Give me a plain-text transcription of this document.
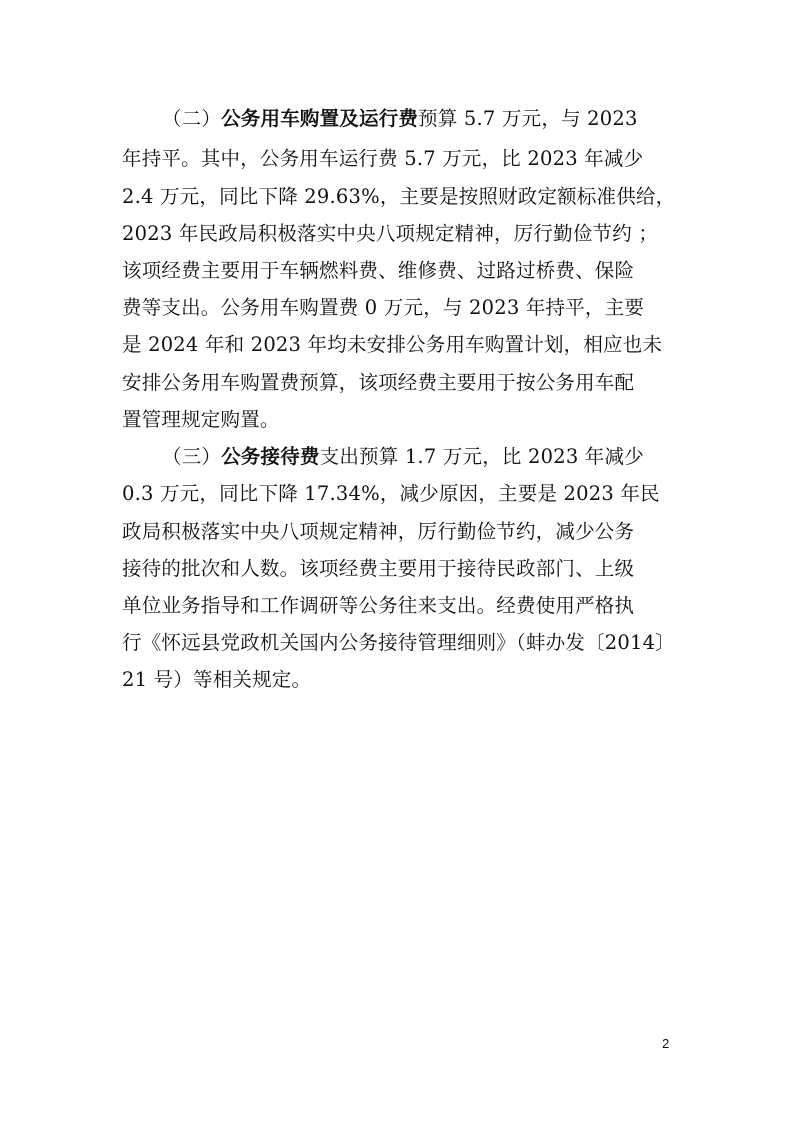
（二）公务用车购置及运行费预算 5.7 万元，与 2023
年持平。其中，公务用车运行费 5.7 万元，比 2023 年减少
2.4 万元，同比下降 29.63%，主要是按照财政定额标准供给，
2023 年民政局积极落实中央八项规定精神，厉行勤俭节约 ；
该项经费主要用于车辆燃料费、维修费、过路过桥费、保险
费等支出。公务用车购置费 0 万元，与 2023 年持平，主要
是 2024 年和 2023 年均未安排公务用车购置计划，相应也未
安排公务用车购置费预算，该项经费主要用于按公务用车配
置管理规定购置。
（三）公务接待费支出预算 1.7 万元，比 2023 年减少
0.3 万元，同比下降 17.34%，减少原因，主要是 2023 年民
政局积极落实中央八项规定精神，厉行勤俭节约，减少公务
接待的批次和人数。该项经费主要用于接待民政部门、上级
单位业务指导和工作调研等公务往来支出。经费使用严格执
行《怀远县党政机关国内公务接待管理细则》（蚌办发〔2014〕
21 号）等相关规定。
2
